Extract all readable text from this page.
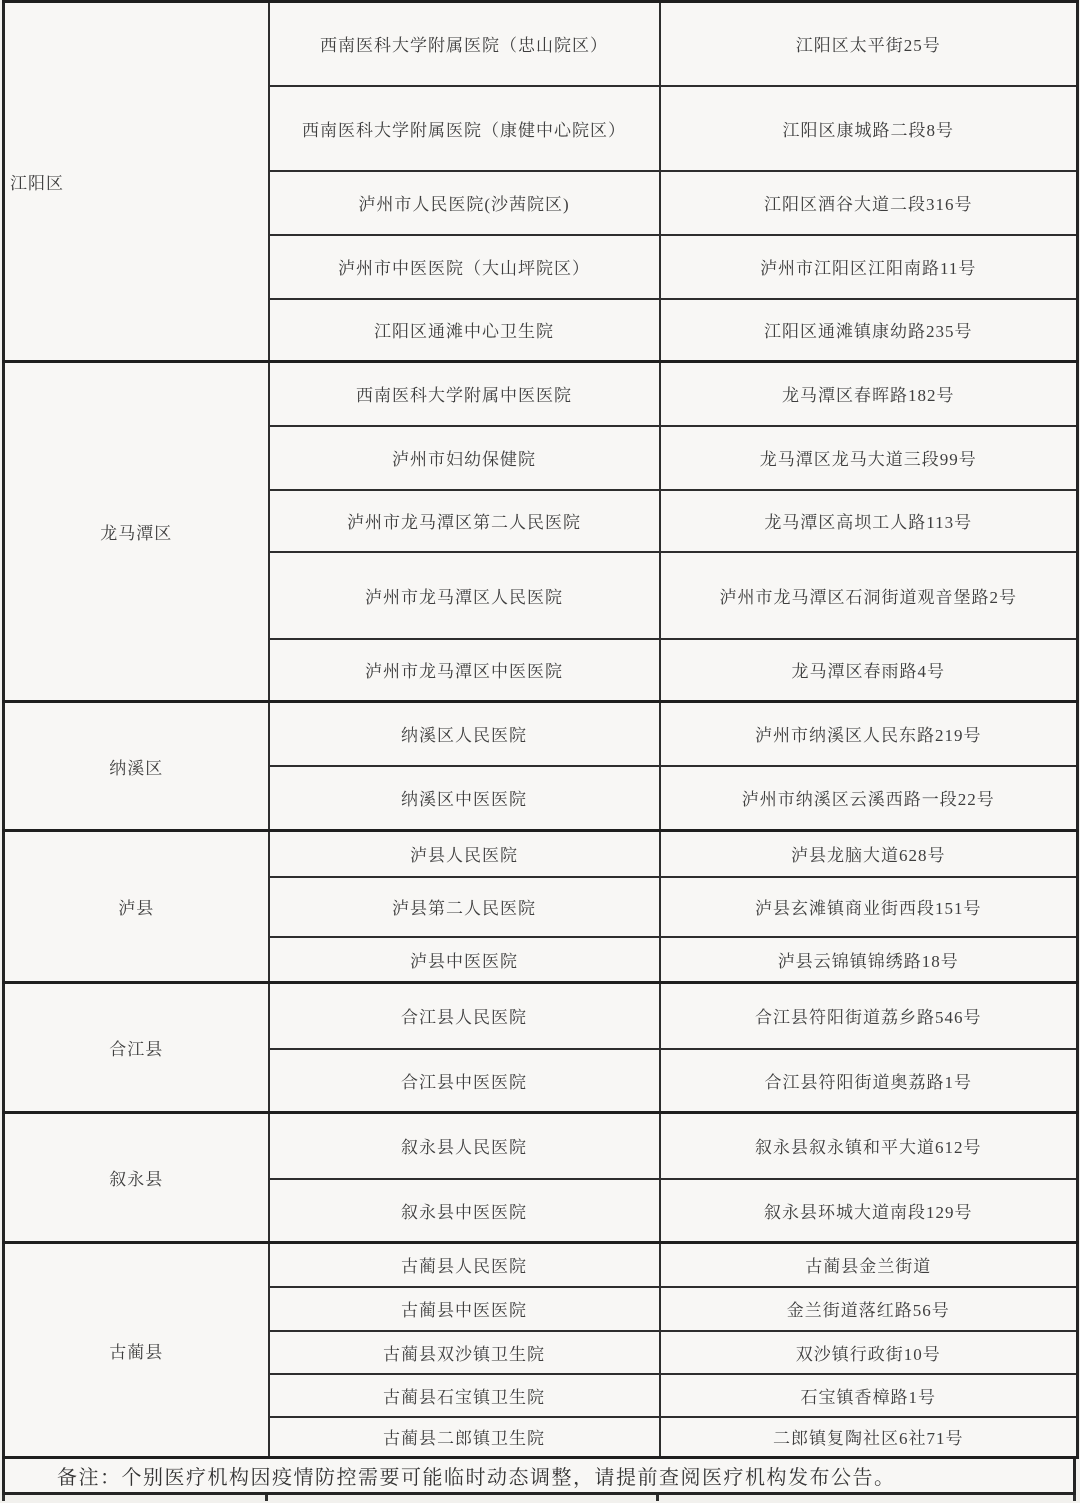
江阳区	西南医科大学附属医院（忠山院区）	江阳区太平街25号
	西南医科大学附属医院（康健中心院区）	江阳区康城路二段8号
	泸州市人民医院(沙茜院区)	江阳区酒谷大道二段316号
	泸州市中医医院（大山坪院区）	泸州市江阳区江阳南路11号
	江阳区通滩中心卫生院	江阳区通滩镇康幼路235号
龙马潭区	西南医科大学附属中医医院	龙马潭区春晖路182号
	泸州市妇幼保健院	龙马潭区龙马大道三段99号
	泸州市龙马潭区第二人民医院	龙马潭区高坝工人路113号
	泸州市龙马潭区人民医院	泸州市龙马潭区石洞街道观音堡路2号
	泸州市龙马潭区中医医院	龙马潭区春雨路4号
纳溪区	纳溪区人民医院	泸州市纳溪区人民东路219号
	纳溪区中医医院	泸州市纳溪区云溪西路一段22号
泸县	泸县人民医院	泸县龙脑大道628号
	泸县第二人民医院	泸县玄滩镇商业街西段151号
	泸县中医医院	泸县云锦镇锦绣路18号
合江县	合江县人民医院	合江县符阳街道荔乡路546号
	合江县中医医院	合江县符阳街道奥荔路1号
叙永县	叙永县人民医院	叙永县叙永镇和平大道612号
	叙永县中医医院	叙永县环城大道南段129号
古蔺县	古蔺县人民医院	古蔺县金兰街道
	古蔺县中医医院	金兰街道落红路56号
	古蔺县双沙镇卫生院	双沙镇行政街10号
	古蔺县石宝镇卫生院	石宝镇香樟路1号
	古蔺县二郎镇卫生院	二郎镇复陶社区6社71号
备注：个别医疗机构因疫情防控需要可能临时动态调整，请提前查阅医疗机构发布公告。
